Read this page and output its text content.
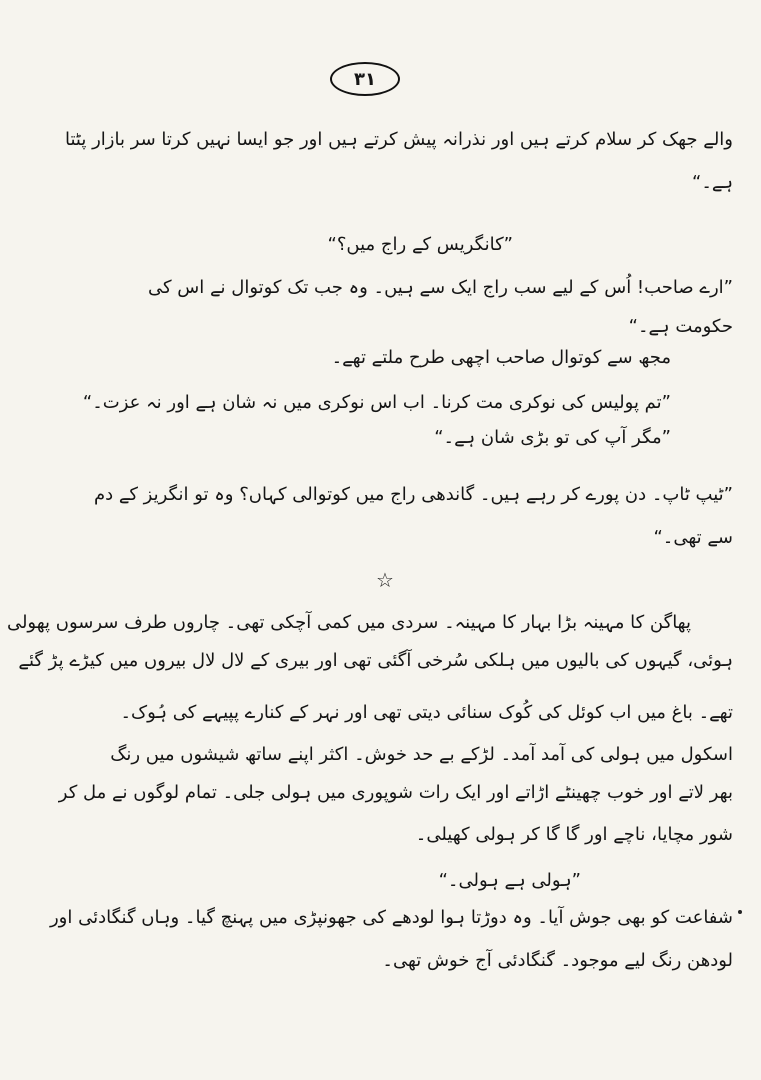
۳۱
والے جھک کر سلام کرتے ہیں اور نذرانہ پیش کرتے ہیں اور جو ایسا نہیں کرتا سر بازار پٹتا
ہے۔“
”کانگریس کے راج میں؟“
”ارے صاحب! اُس کے لیے سب راج ایک سے ہیں۔ وہ جب تک کوتوال نے اس کی
حکومت ہے۔“
مجھ سے کوتوال صاحب اچھی طرح ملتے تھے۔
”تم پولیس کی نوکری مت کرنا۔ اب اس نوکری میں نہ شان ہے اور نہ عزت۔“
”مگر آپ کی تو بڑی شان ہے۔“
”ٹیپ ٹاپ۔ دن پورے کر رہے ہیں۔ گاندھی راج میں کوتوالی کہاں؟ وہ تو انگریز کے دم
سے تھی۔“
☆
پھاگن کا مہینہ بڑا بہار کا مہینہ۔ سردی میں کمی آچکی تھی۔ چاروں طرف سرسوں پھولی
ہوئی، گیہوں کی بالیوں میں ہلکی سُرخی آگئی تھی اور بیری کے لال لال بیروں میں کیڑے پڑ گئے
تھے۔ باغ میں اب کوئل کی کُوک سنائی دیتی تھی اور نہر کے کنارے پپیہے کی ہُوک۔
اسکول میں ہولی کی آمد آمد۔ لڑکے بے حد خوش۔ اکثر اپنے ساتھ شیشوں میں رنگ
بھر لاتے اور خوب چھینٹے اڑاتے اور ایک رات شوپوری میں ہولی جلی۔ تمام لوگوں نے مل کر
شور مچایا، ناچے اور گا گا کر ہولی کھیلی۔
”ہولی ہے ہولی۔“
شفاعت کو بھی جوش آیا۔ وہ دوڑتا ہوا لودھے کی جھونپڑی میں پہنچ گیا۔ وہاں گنگادئی اور
لودھن رنگ لیے موجود۔ گنگادئی آج خوش تھی۔
